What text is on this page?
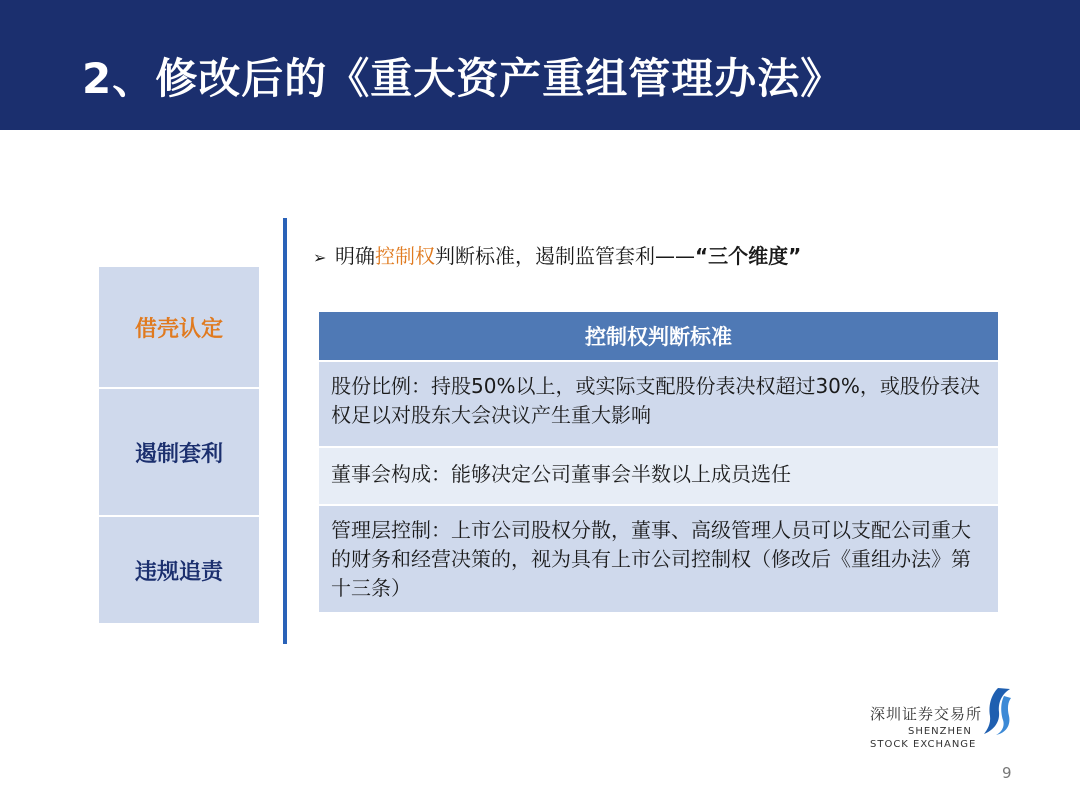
2、修改后的《重大资产重组管理办法》
借壳认定
遏制套利
违规追责
➢ 明确控制权判断标准，遏制监管套利——“三个维度”
控制权判断标准
股份比例：持股50%以上，或实际支配股份表决权超过30%，或股份表决权足以对股东大会决议产生重大影响
董事会构成：能够决定公司董事会半数以上成员选任
管理层控制：上市公司股权分散，董事、高级管理人员可以支配公司重大的财务和经营决策的，视为具有上市公司控制权（修改后《重组办法》第十三条）
深圳证券交易所
SHENZHEN
STOCK EXCHANGE
9
